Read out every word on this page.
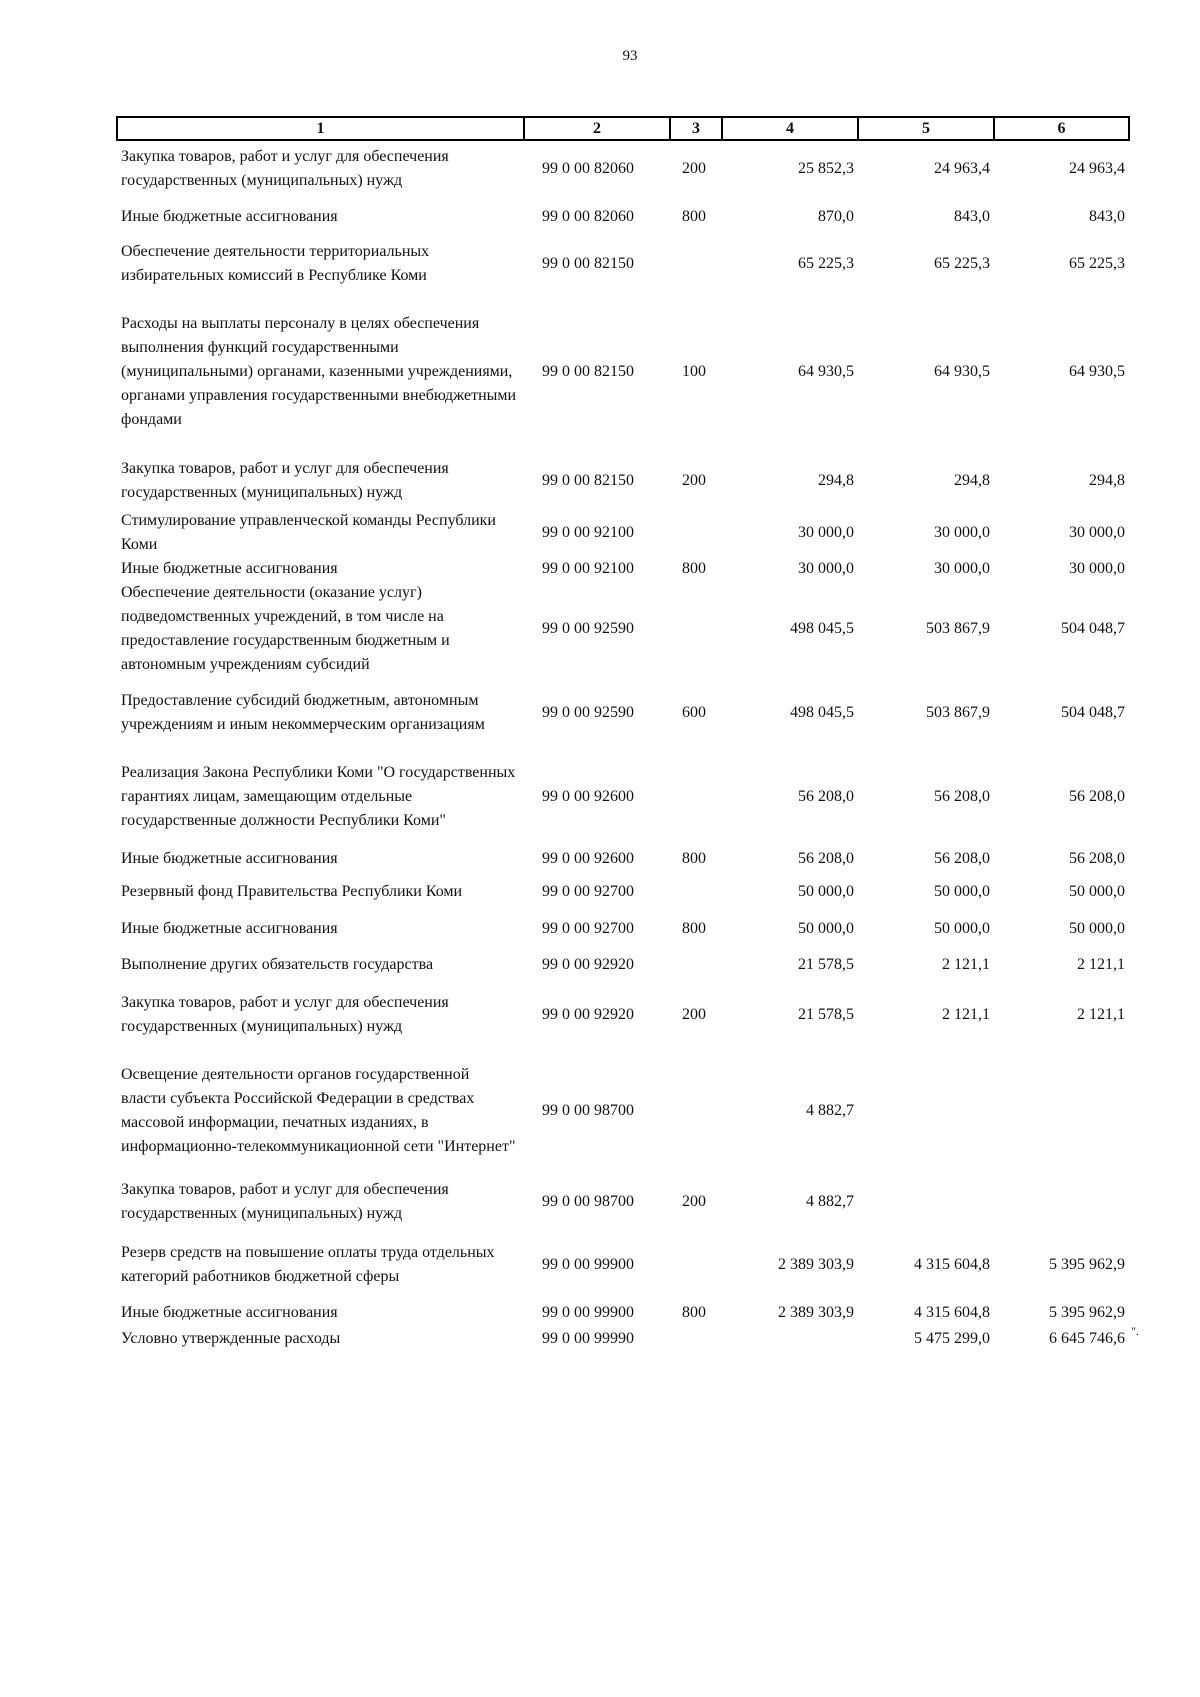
93
1	2	3	4	5	6
Закупка товаров, работ и услуг для обеспечения государственных (муниципальных) нужд	99 0 00 82060	200	25 852,3	24 963,4	24 963,4
Иные бюджетные ассигнования	99 0 00 82060	800	870,0	843,0	843,0
Обеспечение деятельности территориальных избирательных комиссий в Республике Коми	99 0 00 82150		65 225,3	65 225,3	65 225,3
Расходы на выплаты персоналу в целях обеспечения выполнения функций государственными (муниципальными) органами, казенными учреждениями, органами управления государственными внебюджетными фондами	99 0 00 82150	100	64 930,5	64 930,5	64 930,5
Закупка товаров, работ и услуг для обеспечения государственных (муниципальных) нужд	99 0 00 82150	200	294,8	294,8	294,8
Стимулирование управленческой команды Республики Коми	99 0 00 92100		30 000,0	30 000,0	30 000,0
Иные бюджетные ассигнования	99 0 00 92100	800	30 000,0	30 000,0	30 000,0
Обеспечение деятельности (оказание услуг) подведомственных учреждений, в том числе на предоставление государственным бюджетным и автономным учреждениям субсидий	99 0 00 92590		498 045,5	503 867,9	504 048,7
Предоставление субсидий бюджетным, автономным учреждениям и иным некоммерческим организациям	99 0 00 92590	600	498 045,5	503 867,9	504 048,7
Реализация Закона Республики Коми "О государственных гарантиях лицам, замещающим отдельные государственные должности Республики Коми"	99 0 00 92600		56 208,0	56 208,0	56 208,0
Иные бюджетные ассигнования	99 0 00 92600	800	56 208,0	56 208,0	56 208,0
Резервный фонд Правительства Республики Коми	99 0 00 92700		50 000,0	50 000,0	50 000,0
Иные бюджетные ассигнования	99 0 00 92700	800	50 000,0	50 000,0	50 000,0
Выполнение других обязательств государства	99 0 00 92920		21 578,5	2 121,1	2 121,1
Закупка товаров, работ и услуг для обеспечения государственных (муниципальных) нужд	99 0 00 92920	200	21 578,5	2 121,1	2 121,1
Освещение деятельности органов государственной власти субъекта Российской Федерации в средствах массовой информации, печатных изданиях, в информационно-телекоммуникационной сети "Интернет"	99 0 00 98700		4 882,7		
Закупка товаров, работ и услуг для обеспечения государственных (муниципальных) нужд	99 0 00 98700	200	4 882,7		
Резерв средств на повышение оплаты труда отдельных категорий работников бюджетной сферы	99 0 00 99900		2 389 303,9	4 315 604,8	5 395 962,9
Иные бюджетные ассигнования	99 0 00 99900	800	2 389 303,9	4 315 604,8	5 395 962,9
Условно утвержденные расходы	99 0 00 99990			5 475 299,0	6 645 746,6 ".
